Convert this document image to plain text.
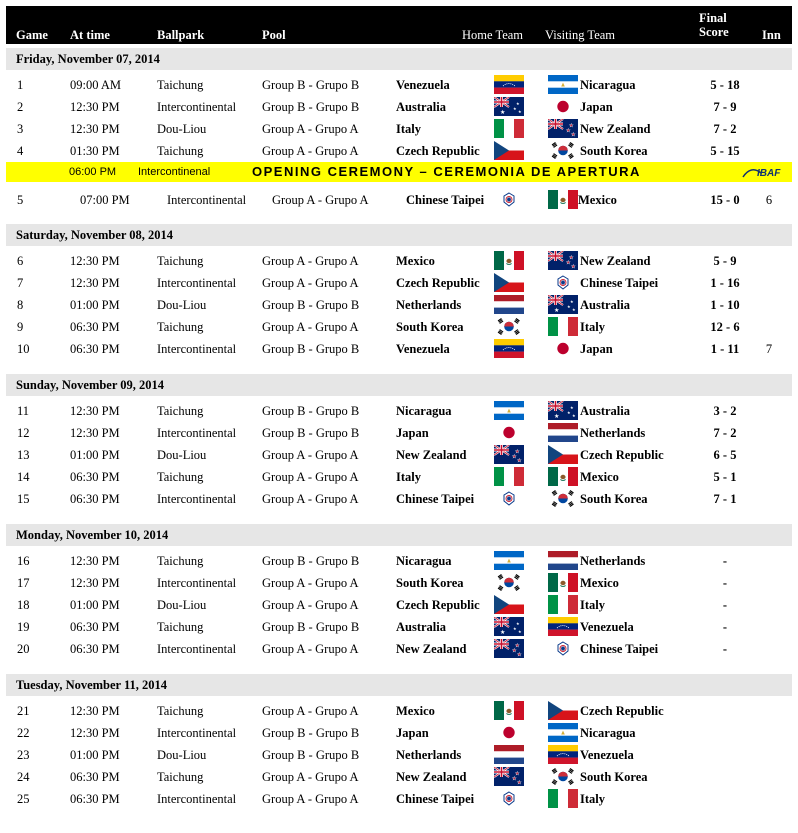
Game At time	Ballpark	Pool	Home Team Visiting Team
Final
Score	Inn
Friday, November 07, 2014
1	09:00 AM	Taichung	Group B - Grupo B	Venezuela	Nicaragua	5 - 18
2	12:30 PM	Intercontinental Group B - Grupo B	Australia	Japan	7 - 9
★
★
★
★
3	12:30 PM	Dou-Liou	Group A - Grupo A	Italy	New Zealand	7 - 2
★
★
★
4	01:30 PM	Taichung	Group A - Grupo A	Czech Republic	South Korea	5 - 15
5	07:00 PM	Intercontinental Group A - Grupo A	Chinese Taipei	Mexico	15 - 0	6
Saturday, November 08, 2014
6	12:30 PM	Taichung	Group A - Grupo A	Mexico	New Zealand	5 - 9
★
★
★
7	12:30 PM	Intercontinental Group A - Grupo A	Czech Republic	Chinese Taipei	1 - 16
8	01:00 PM	Dou-Liou	Group B - Grupo B	Netherlands	Australia	1 - 10
★
★
★
★
9	06:30 PM	Taichung	Group A - Grupo A	South Korea	Italy	12 - 6
10	06:30 PM	Intercontinental Group B - Grupo B	Venezuela	Japan	1 - 11	7
Sunday, November 09, 2014
11	12:30 PM	Taichung	Group B - Grupo B	Nicaragua	Australia	3 - 2
★
★
★
★
12	12:30 PM	Intercontinental Group B - Grupo B	Japan	Netherlands	7 - 2
13	01:00 PM	Dou-Liou	Group A - Grupo A	New Zealand	Czech Republic	6 - 5
★
★
★
14	06:30 PM	Taichung	Group A - Grupo A	Italy	Mexico	5 - 1
15	06:30 PM	Intercontinental Group A - Grupo A	Chinese Taipei	South Korea	7 - 1
Monday, November 10, 2014
16	12:30 PM	Taichung	Group B - Grupo B	Nicaragua	Netherlands	-
17	12:30 PM	Intercontinental Group A - Grupo A	South Korea	Mexico	-
18	01:00 PM	Dou-Liou	Group A - Grupo A	Czech Republic	Italy	-
19	06:30 PM	Taichung	Group B - Grupo B	Australia	Venezuela	-
★
★
★
★
20	06:30 PM	Intercontinental Group A - Grupo A	New Zealand	Chinese Taipei	-
★
★
★
Tuesday, November 11, 2014
21	12:30 PM	Taichung	Group A - Grupo A	Mexico	Czech Republic
22	12:30 PM	Intercontinental Group B - Grupo B	Japan	Nicaragua
23	01:00 PM	Dou-Liou	Group B - Grupo B	Netherlands	Venezuela
24	06:30 PM	Taichung	Group A - Grupo A	New Zealand	South Korea
★
★
★
25	06:30 PM	Intercontinental Group A - Grupo A	Chinese Taipei	Italy
06:00 PM Intercontinenal	OPENING CEREMONY – CEREMONIA DE APERTURA	IBAF
